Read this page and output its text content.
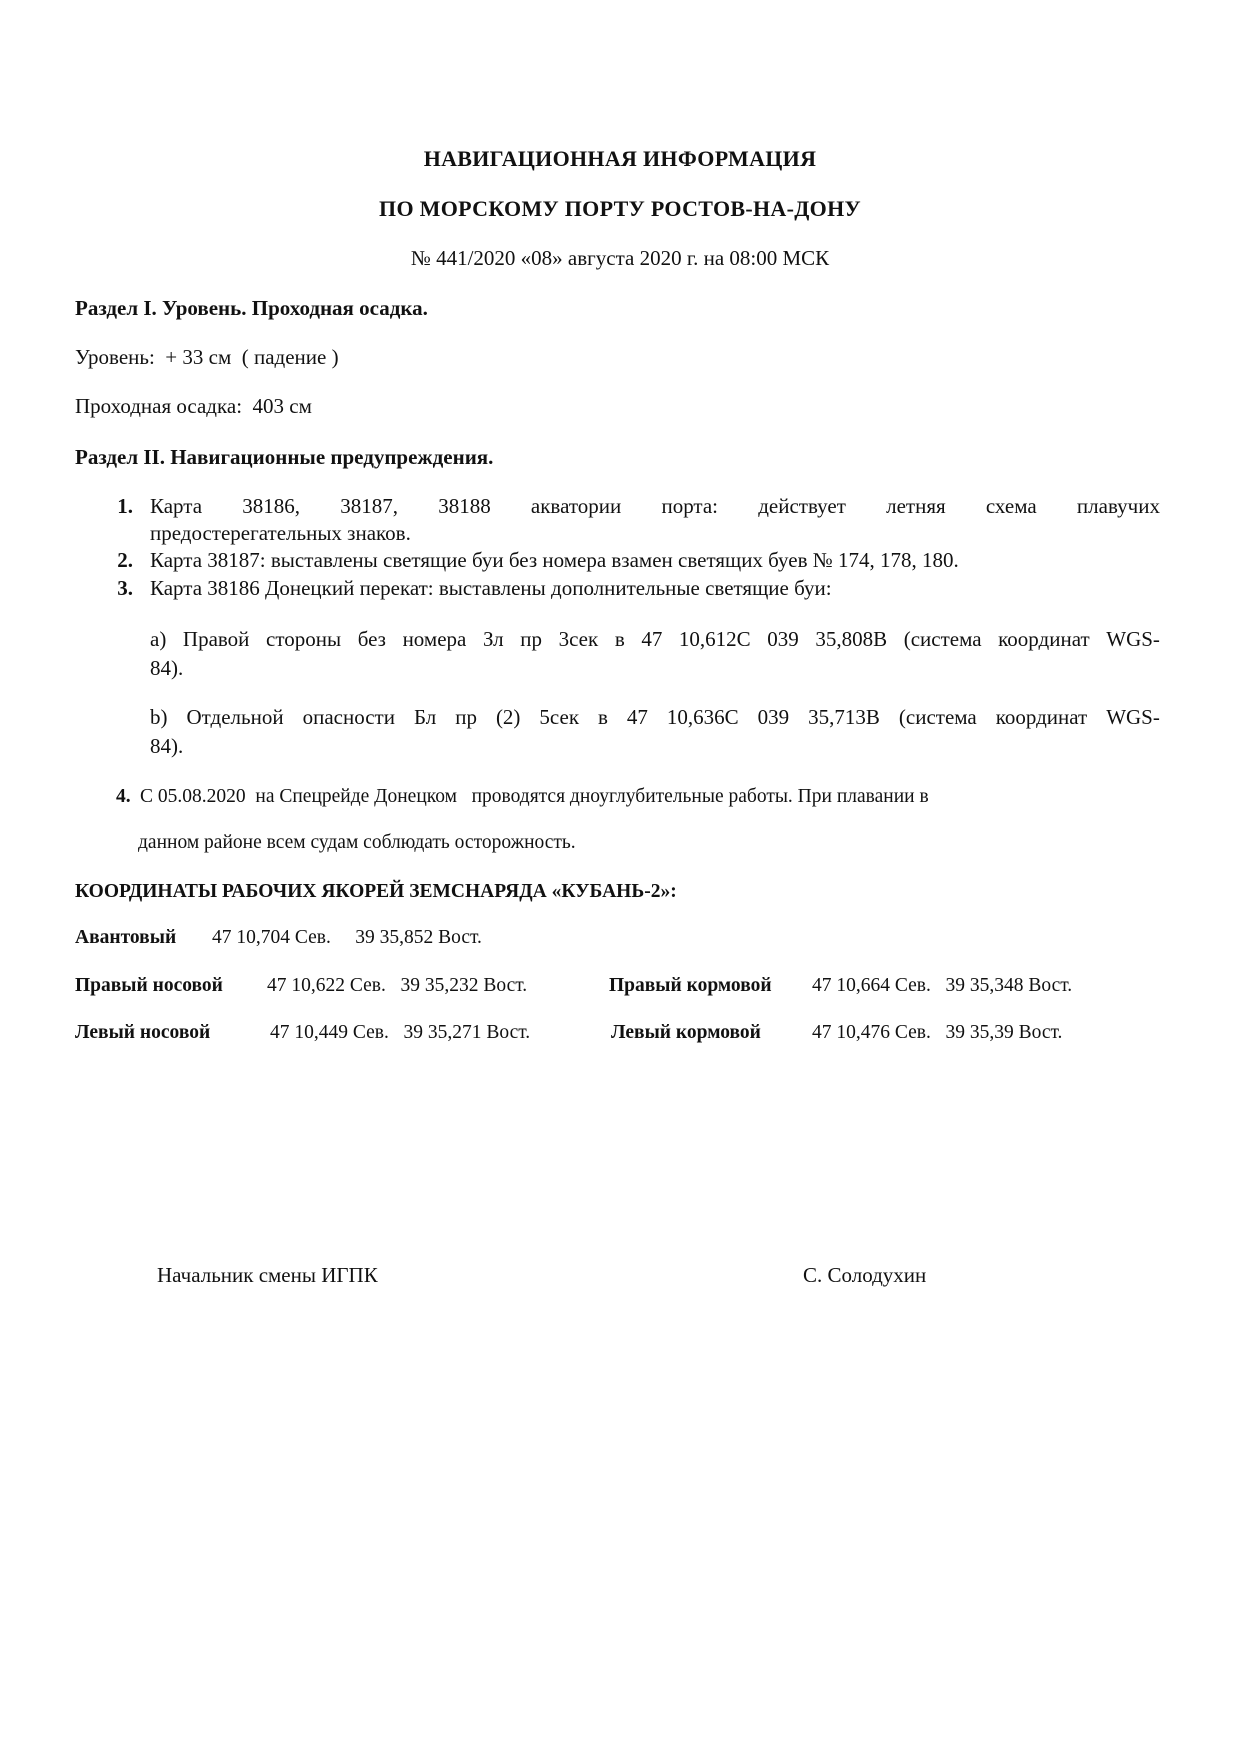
НАВИГАЦИОННАЯ ИНФОРМАЦИЯ
ПО МОРСКОМУ ПОРТУ РОСТОВ-НА-ДОНУ
№ 441/2020 «08» августа 2020 г. на 08:00 МСК
Раздел I. Уровень. Проходная осадка.
Уровень:  + 33 см  ( падение )
Проходная осадка:  403 см
Раздел II. Навигационные предупреждения.
1. Карта 38186, 38187, 38188 акватории порта: действует летняя схема плавучих
предостерегательных знаков.
2. Карта 38187: выставлены светящие буи без номера взамен светящих буев № 174, 178, 180.
3. Карта 38186 Донецкий перекат: выставлены дополнительные светящие буи:
a) Правой стороны без номера Зл пр 3сек в 47 10,612С 039 35,808В (система координат WGS-
84).
b) Отдельной опасности Бл пр (2) 5сек в 47 10,636С 039 35,713В (система координат WGS-
84).
4. С 05.08.2020  на Спецрейде Донецком   проводятся дноуглубительные работы. При плавании в
данном районе всем судам соблюдать осторожность.
КООРДИНАТЫ РАБОЧИХ ЯКОРЕЙ ЗЕМСНАРЯДА «КУБАНЬ-2»:
Авантовый 47 10,704 Сев.     39 35,852 Вост.
Правый носовой 47 10,622 Сев.   39 35,232 Вост.	Правый кормовой 47 10,664 Сев.   39 35,348 Вост.
Левый носовой	47 10,449 Сев.   39 35,271 Вост.	Левый кормовой	47 10,476 Сев.   39 35,39 Вост.
Начальник смены ИГПК	С. Солодухин
